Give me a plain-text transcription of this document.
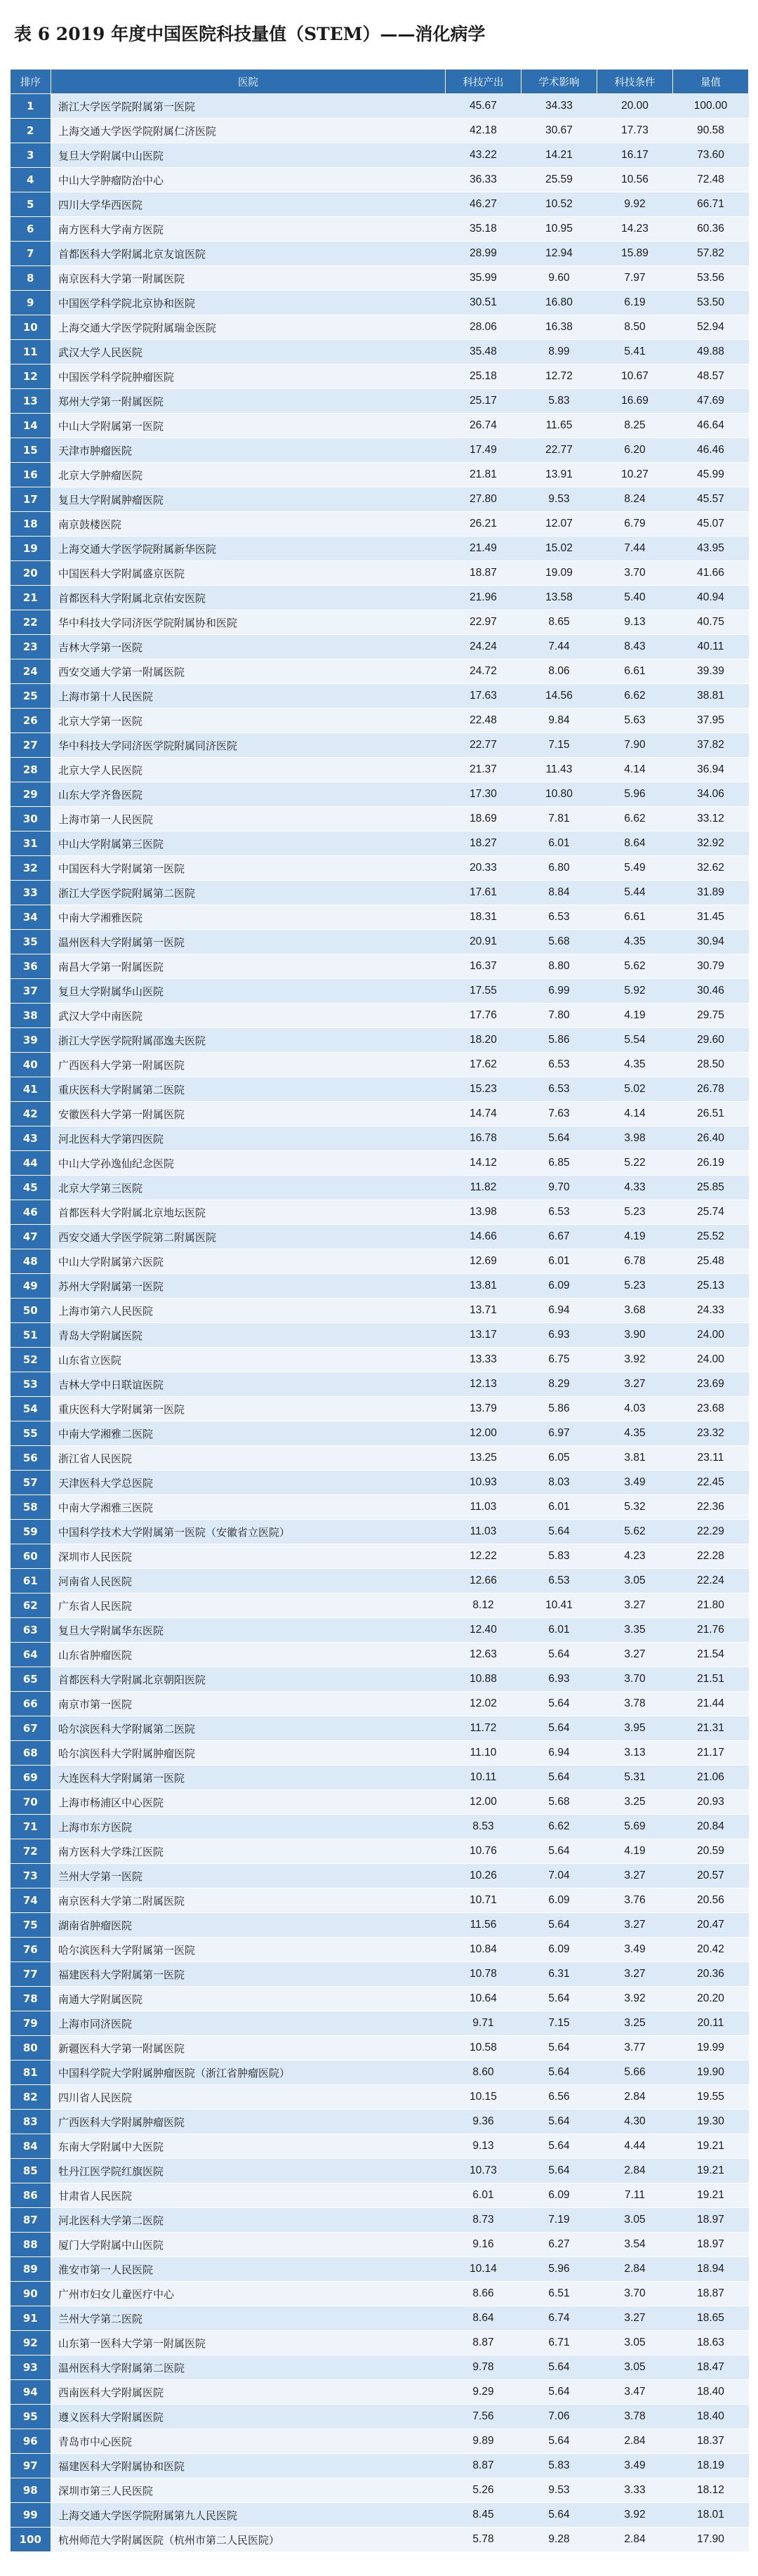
表 6 2019 年度中国医院科技量值（STEM）——消化病学
排序	医院	科技产出	学术影响	科技条件	量值
1	浙江大学医学院附属第一医院	45.67	34.33	20.00	100.00
2	上海交通大学医学院附属仁济医院	42.18	30.67	17.73	90.58
3	复旦大学附属中山医院	43.22	14.21	16.17	73.60
4	中山大学肿瘤防治中心	36.33	25.59	10.56	72.48
5	四川大学华西医院	46.27	10.52	9.92	66.71
6	南方医科大学南方医院	35.18	10.95	14.23	60.36
7	首都医科大学附属北京友谊医院	28.99	12.94	15.89	57.82
8	南京医科大学第一附属医院	35.99	9.60	7.97	53.56
9	中国医学科学院北京协和医院	30.51	16.80	6.19	53.50
10	上海交通大学医学院附属瑞金医院	28.06	16.38	8.50	52.94
11	武汉大学人民医院	35.48	8.99	5.41	49.88
12	中国医学科学院肿瘤医院	25.18	12.72	10.67	48.57
13	郑州大学第一附属医院	25.17	5.83	16.69	47.69
14	中山大学附属第一医院	26.74	11.65	8.25	46.64
15	天津市肿瘤医院	17.49	22.77	6.20	46.46
16	北京大学肿瘤医院	21.81	13.91	10.27	45.99
17	复旦大学附属肿瘤医院	27.80	9.53	8.24	45.57
18	南京鼓楼医院	26.21	12.07	6.79	45.07
19	上海交通大学医学院附属新华医院	21.49	15.02	7.44	43.95
20	中国医科大学附属盛京医院	18.87	19.09	3.70	41.66
21	首都医科大学附属北京佑安医院	21.96	13.58	5.40	40.94
22	华中科技大学同济医学院附属协和医院	22.97	8.65	9.13	40.75
23	吉林大学第一医院	24.24	7.44	8.43	40.11
24	西安交通大学第一附属医院	24.72	8.06	6.61	39.39
25	上海市第十人民医院	17.63	14.56	6.62	38.81
26	北京大学第一医院	22.48	9.84	5.63	37.95
27	华中科技大学同济医学院附属同济医院	22.77	7.15	7.90	37.82
28	北京大学人民医院	21.37	11.43	4.14	36.94
29	山东大学齐鲁医院	17.30	10.80	5.96	34.06
30	上海市第一人民医院	18.69	7.81	6.62	33.12
31	中山大学附属第三医院	18.27	6.01	8.64	32.92
32	中国医科大学附属第一医院	20.33	6.80	5.49	32.62
33	浙江大学医学院附属第二医院	17.61	8.84	5.44	31.89
34	中南大学湘雅医院	18.31	6.53	6.61	31.45
35	温州医科大学附属第一医院	20.91	5.68	4.35	30.94
36	南昌大学第一附属医院	16.37	8.80	5.62	30.79
37	复旦大学附属华山医院	17.55	6.99	5.92	30.46
38	武汉大学中南医院	17.76	7.80	4.19	29.75
39	浙江大学医学院附属邵逸夫医院	18.20	5.86	5.54	29.60
40	广西医科大学第一附属医院	17.62	6.53	4.35	28.50
41	重庆医科大学附属第二医院	15.23	6.53	5.02	26.78
42	安徽医科大学第一附属医院	14.74	7.63	4.14	26.51
43	河北医科大学第四医院	16.78	5.64	3.98	26.40
44	中山大学孙逸仙纪念医院	14.12	6.85	5.22	26.19
45	北京大学第三医院	11.82	9.70	4.33	25.85
46	首都医科大学附属北京地坛医院	13.98	6.53	5.23	25.74
47	西安交通大学医学院第二附属医院	14.66	6.67	4.19	25.52
48	中山大学附属第六医院	12.69	6.01	6.78	25.48
49	苏州大学附属第一医院	13.81	6.09	5.23	25.13
50	上海市第六人民医院	13.71	6.94	3.68	24.33
51	青岛大学附属医院	13.17	6.93	3.90	24.00
52	山东省立医院	13.33	6.75	3.92	24.00
53	吉林大学中日联谊医院	12.13	8.29	3.27	23.69
54	重庆医科大学附属第一医院	13.79	5.86	4.03	23.68
55	中南大学湘雅二医院	12.00	6.97	4.35	23.32
56	浙江省人民医院	13.25	6.05	3.81	23.11
57	天津医科大学总医院	10.93	8.03	3.49	22.45
58	中南大学湘雅三医院	11.03	6.01	5.32	22.36
59	中国科学技术大学附属第一医院（安徽省立医院）	11.03	5.64	5.62	22.29
60	深圳市人民医院	12.22	5.83	4.23	22.28
61	河南省人民医院	12.66	6.53	3.05	22.24
62	广东省人民医院	8.12	10.41	3.27	21.80
63	复旦大学附属华东医院	12.40	6.01	3.35	21.76
64	山东省肿瘤医院	12.63	5.64	3.27	21.54
65	首都医科大学附属北京朝阳医院	10.88	6.93	3.70	21.51
66	南京市第一医院	12.02	5.64	3.78	21.44
67	哈尔滨医科大学附属第二医院	11.72	5.64	3.95	21.31
68	哈尔滨医科大学附属肿瘤医院	11.10	6.94	3.13	21.17
69	大连医科大学附属第一医院	10.11	5.64	5.31	21.06
70	上海市杨浦区中心医院	12.00	5.68	3.25	20.93
71	上海市东方医院	8.53	6.62	5.69	20.84
72	南方医科大学珠江医院	10.76	5.64	4.19	20.59
73	兰州大学第一医院	10.26	7.04	3.27	20.57
74	南京医科大学第二附属医院	10.71	6.09	3.76	20.56
75	湖南省肿瘤医院	11.56	5.64	3.27	20.47
76	哈尔滨医科大学附属第一医院	10.84	6.09	3.49	20.42
77	福建医科大学附属第一医院	10.78	6.31	3.27	20.36
78	南通大学附属医院	10.64	5.64	3.92	20.20
79	上海市同济医院	9.71	7.15	3.25	20.11
80	新疆医科大学第一附属医院	10.58	5.64	3.77	19.99
81	中国科学院大学附属肿瘤医院（浙江省肿瘤医院）	8.60	5.64	5.66	19.90
82	四川省人民医院	10.15	6.56	2.84	19.55
83	广西医科大学附属肿瘤医院	9.36	5.64	4.30	19.30
84	东南大学附属中大医院	9.13	5.64	4.44	19.21
85	牡丹江医学院红旗医院	10.73	5.64	2.84	19.21
86	甘肃省人民医院	6.01	6.09	7.11	19.21
87	河北医科大学第二医院	8.73	7.19	3.05	18.97
88	厦门大学附属中山医院	9.16	6.27	3.54	18.97
89	淮安市第一人民医院	10.14	5.96	2.84	18.94
90	广州市妇女儿童医疗中心	8.66	6.51	3.70	18.87
91	兰州大学第二医院	8.64	6.74	3.27	18.65
92	山东第一医科大学第一附属医院	8.87	6.71	3.05	18.63
93	温州医科大学附属第二医院	9.78	5.64	3.05	18.47
94	西南医科大学附属医院	9.29	5.64	3.47	18.40
95	遵义医科大学附属医院	7.56	7.06	3.78	18.40
96	青岛市中心医院	9.89	5.64	2.84	18.37
97	福建医科大学附属协和医院	8.87	5.83	3.49	18.19
98	深圳市第三人民医院	5.26	9.53	3.33	18.12
99	上海交通大学医学院附属第九人民医院	8.45	5.64	3.92	18.01
100	杭州师范大学附属医院（杭州市第二人民医院）	5.78	9.28	2.84	17.90
